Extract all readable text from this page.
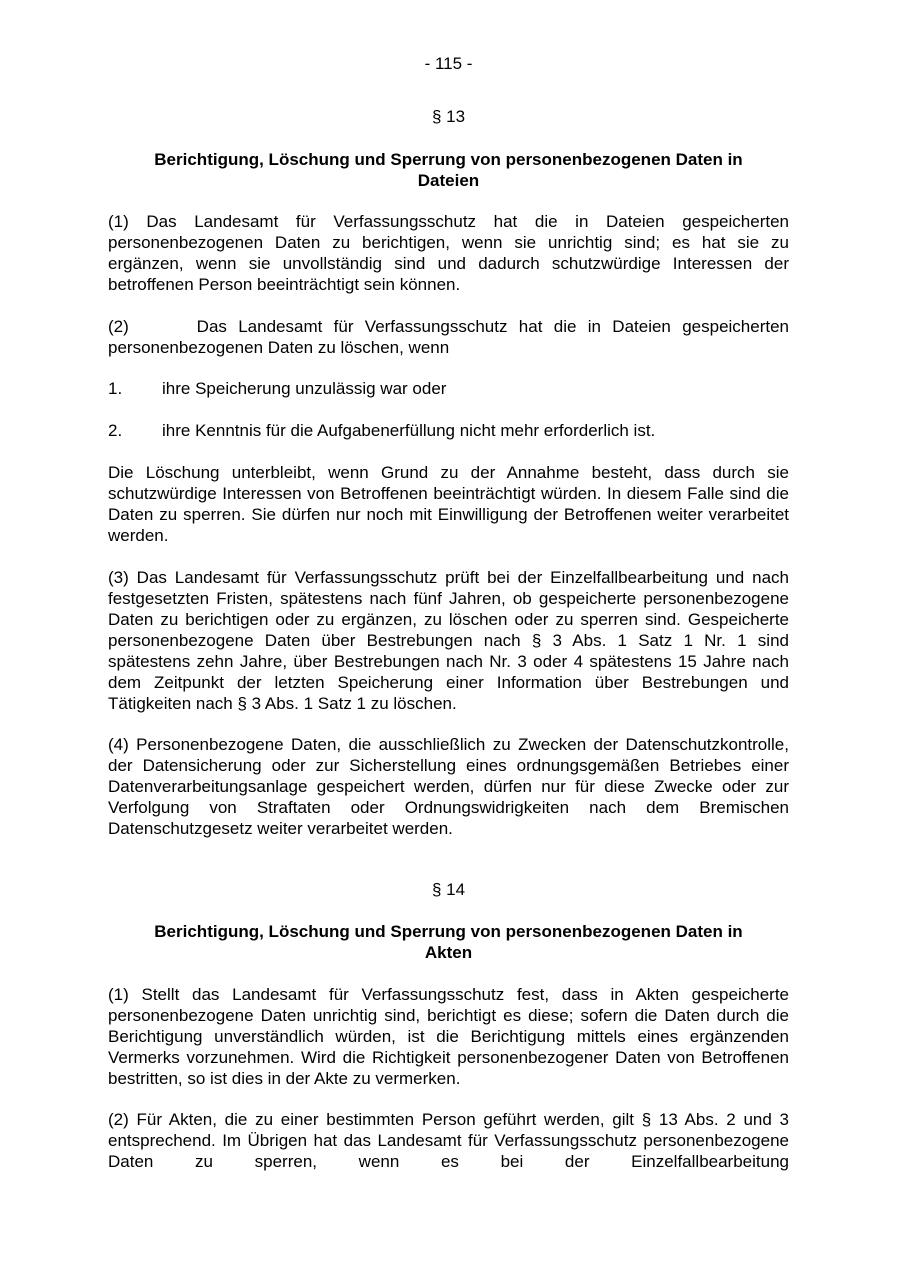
- 115 -

§ 13

Berichtigung, Löschung und Sperrung von personenbezogenen Daten in Dateien

(1) Das Landesamt für Verfassungsschutz hat die in Dateien gespeicherten personenbezogenen Daten zu berichtigen, wenn sie unrichtig sind; es hat sie zu ergänzen, wenn sie unvollständig sind und dadurch schutzwürdige Interessen der betroffenen Person beeinträchtigt sein können.

(2)      Das Landesamt für Verfassungsschutz hat die in Dateien gespeicherten personenbezogenen Daten zu löschen, wenn

1. ihre Speicherung unzulässig war oder
2. ihre Kenntnis für die Aufgabenerfüllung nicht mehr erforderlich ist.

Die Löschung unterbleibt, wenn Grund zu der Annahme besteht, dass durch sie schutzwürdige Interessen von Betroffenen beeinträchtigt würden. In diesem Falle sind die Daten zu sperren. Sie dürfen nur noch mit Einwilligung der Betroffenen weiter verarbeitet werden.

(3) Das Landesamt für Verfassungsschutz prüft bei der Einzelfallbearbeitung und nach festgesetzten Fristen, spätestens nach fünf Jahren, ob gespeicherte personenbezogene Daten zu berichtigen oder zu ergänzen, zu löschen oder zu sperren sind. Gespeicherte personenbezogene Daten über Bestrebungen nach § 3 Abs. 1 Satz 1 Nr. 1 sind spätestens zehn Jahre, über Bestrebungen nach Nr. 3 oder 4 spätestens 15 Jahre nach dem Zeitpunkt der letzten Speicherung einer Information über Bestrebungen und Tätigkeiten nach § 3 Abs. 1 Satz 1 zu löschen.

(4) Personenbezogene Daten, die ausschließlich zu Zwecken der Datenschutzkontrolle, der Datensicherung oder zur Sicherstellung eines ordnungsgemäßen Betriebes einer Datenverarbeitungsanlage gespeichert werden, dürfen nur für diese Zwecke oder zur Verfolgung von Straftaten oder Ordnungswidrigkeiten nach dem Bremischen Datenschutzgesetz weiter verarbeitet werden.

§ 14

Berichtigung, Löschung und Sperrung von personenbezogenen Daten in Akten

(1) Stellt das Landesamt für Verfassungsschutz fest, dass in Akten gespeicherte personenbezogene Daten unrichtig sind, berichtigt es diese; sofern die Daten durch die Berichtigung unverständlich würden, ist die Berichtigung mittels eines ergänzenden Vermerks vorzunehmen. Wird die Richtigkeit personenbezogener Daten von Betroffenen bestritten, so ist dies in der Akte zu vermerken.

(2) Für Akten, die zu einer bestimmten Person geführt werden, gilt § 13 Abs. 2 und 3 entsprechend. Im Übrigen hat das Landesamt für Verfassungsschutz personenbezogene Daten zu sperren, wenn es bei der Einzelfallbearbeitung
